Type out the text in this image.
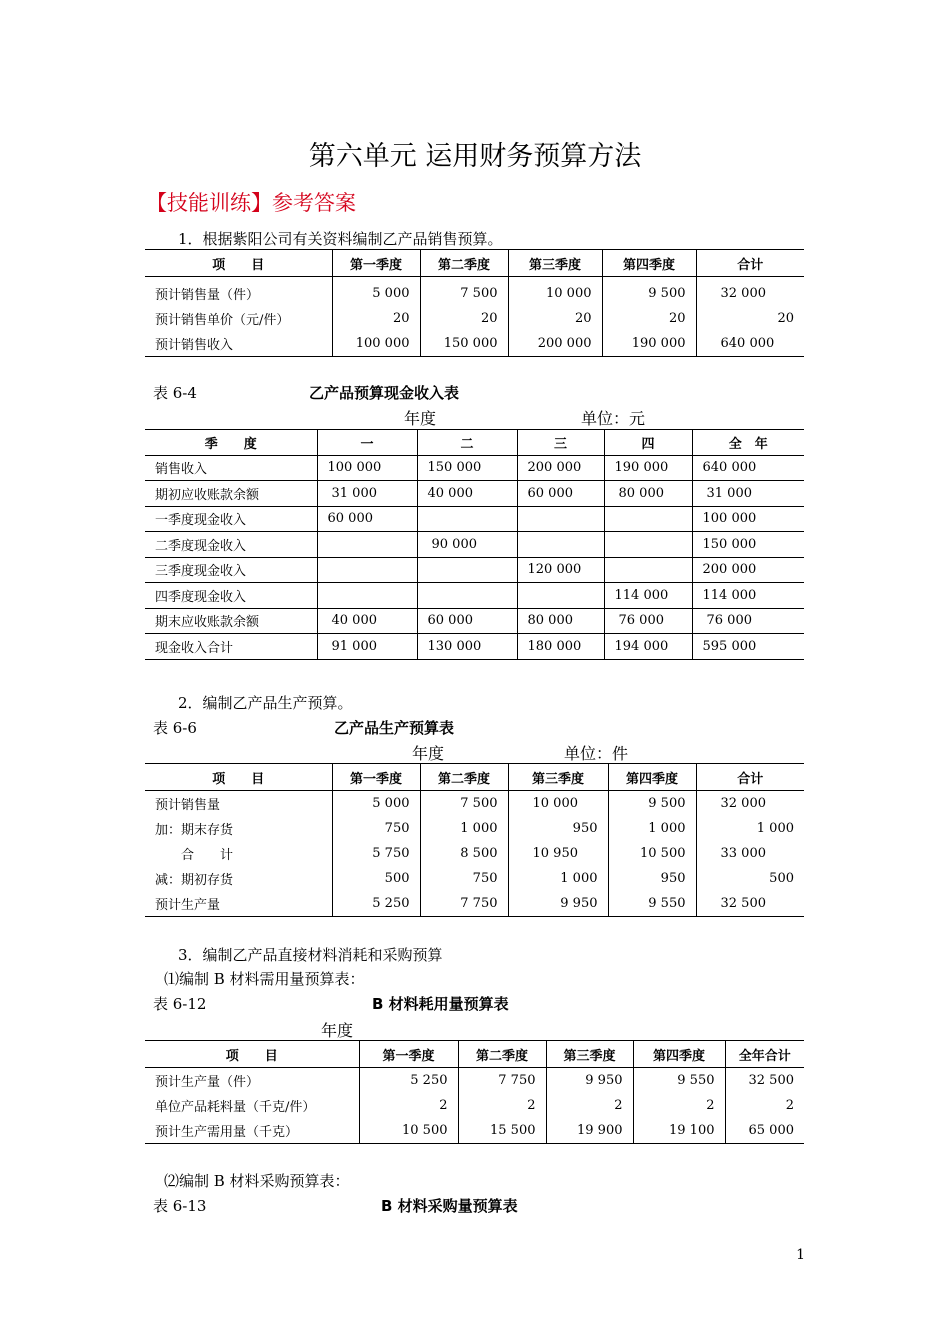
第六单元 运用财务预算方法
【技能训练】参考答案
1．根据紫阳公司有关资料编制乙产品销售预算。
项　　目	第一季度	第二季度	第三季度	第四季度	合计
预计销售量（件）	5 000	7 500	10 000	9 500	32 000
预计销售单价（元/件）	20	20	20	20	20
预计销售收入	100 000	150 000	200 000	190 000	640 000
表 6-4	乙产品预算现金收入表
年度	单位：元
季　　度	一	二	三	四	全　年
销售收入	100 000	150 000	200 000	190 000	640 000
期初应收账款余额	31 000	40 000	60 000	80 000	31 000
一季度现金收入	60 000				100 000
二季度现金收入		90 000			150 000
三季度现金收入			120 000		200 000
四季度现金收入				114 000	114 000
期末应收账款余额	40 000	60 000	80 000	76 000	76 000
现金收入合计	91 000	130 000	180 000	194 000	595 000
2．编制乙产品生产预算。
表 6-6	乙产品生产预算表
年度	单位：件
项　　目	第一季度	第二季度	第三季度	第四季度	合计
预计销售量	5 000	7 500	10 000	9 500	32 000
加：期末存货	750	1 000	950	1 000	1 000
　　合　　计	5 750	8 500	10 950	10 500	33 000
减：期初存货	500	750	1 000	950	500
预计生产量	5 250	7 750	9 950	9 550	32 500
3．编制乙产品直接材料消耗和采购预算
⑴编制 B 材料需用量预算表：
表 6-12	B 材料耗用量预算表
年度
项　　目	第一季度	第二季度	第三季度	第四季度	全年合计
预计生产量（件）	5 250	7 750	9 950	9 550	32 500
单位产品耗料量（千克/件）	2	2	2	2	2
预计生产需用量（千克）	10 500	15 500	19 900	19 100	65 000
⑵编制 B 材料采购预算表：
表 6-13	B 材料采购量预算表
1
